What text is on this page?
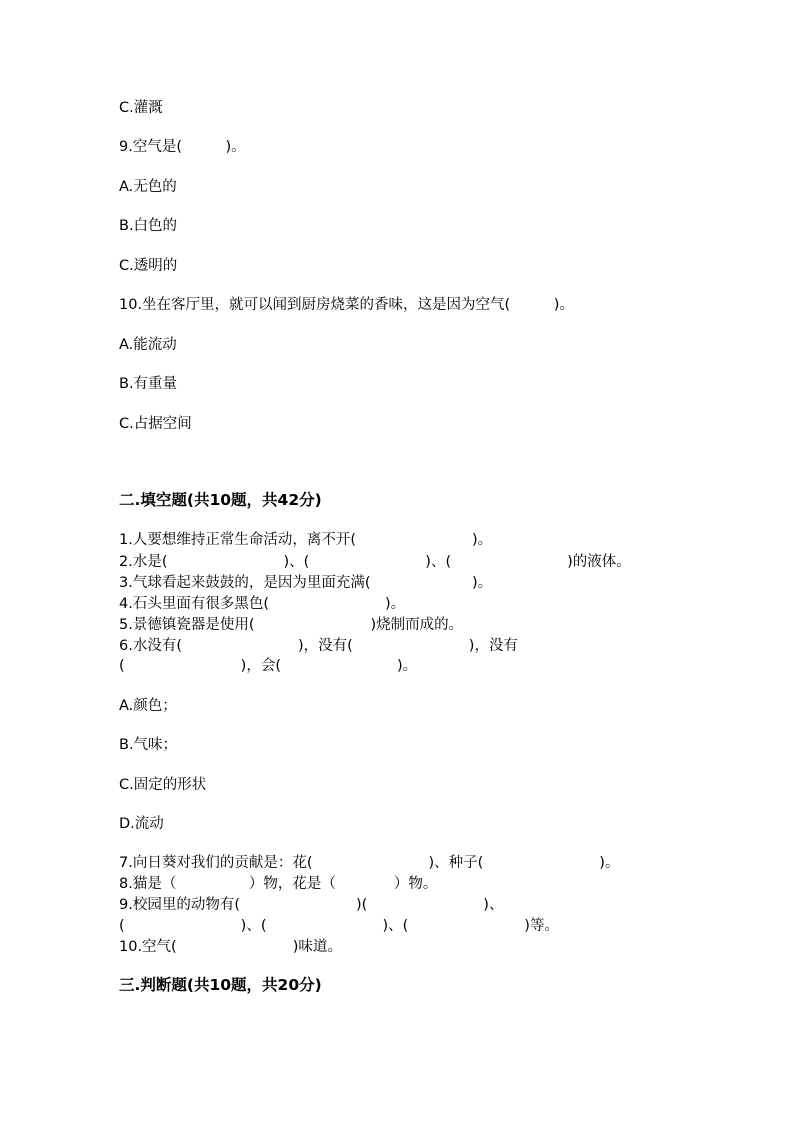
C.灌溉
9.空气是(　　　)。
A.无色的
B.白色的
C.透明的
10.坐在客厅里，就可以闻到厨房烧菜的香味，这是因为空气(　　　)。
A.能流动
B.有重量
C.占据空间
二.填空题(共10题，共42分)
1.人要想维持正常生命活动，离不开(　　　　　　　　)。
2.水是(　　　　　　　　)、(　　　　　　　　)、(　　　　　　　　)的液体。
3.气球看起来鼓鼓的，是因为里面充满(　　　　　　　)。
4.石头里面有很多黑色(　　　　　　　　)。
5.景德镇瓷器是使用(　　　　　　　　)烧制而成的。
6.水没有(　　　　　　　　)，没有(　　　　　　　　)，没有
(　　　　　　　　)，会(　　　　　　　　)。
A.颜色；
B.气味；
C.固定的形状
D.流动
7.向日葵对我们的贡献是：花(　　　　　　　　)、种子(　　　　　　　　)。
8.猫是（　　　　　）物，花是（　　　　）物。
9.校园里的动物有(　　　　　　　　)(　　　　　　　　)、
(　　　　　　　　)、(　　　　　　　　)、(　　　　　　　　)等。
10.空气(　　　　　　　　)味道。
三.判断题(共10题，共20分)
